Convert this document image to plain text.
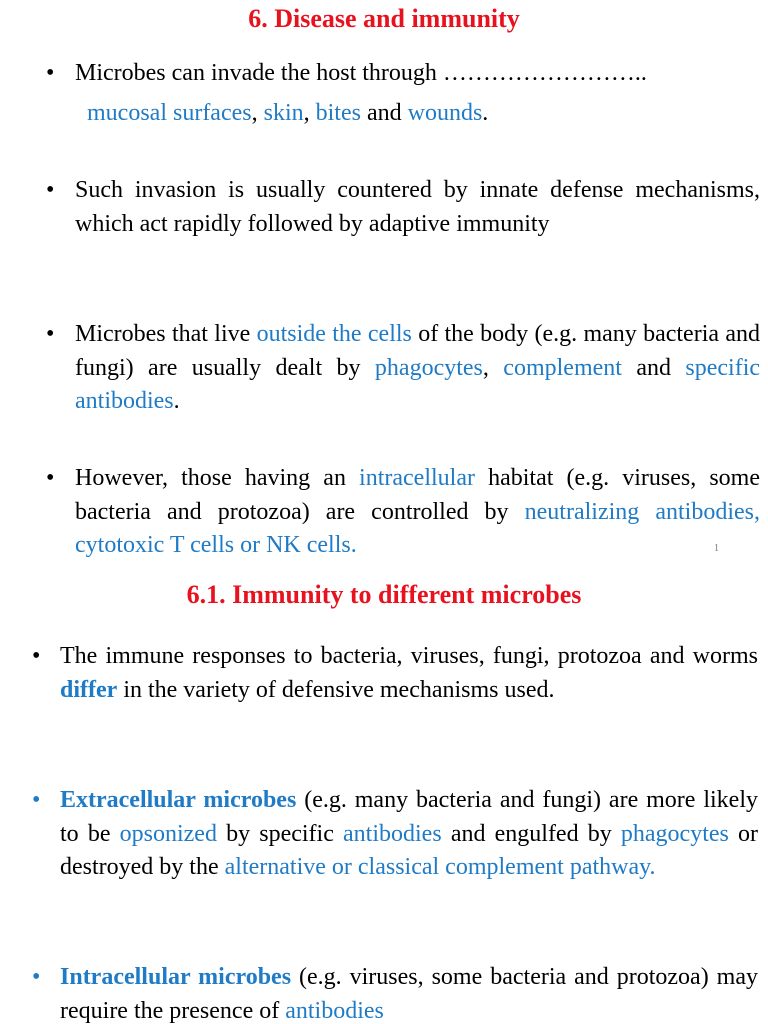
6. Disease and immunity
• Microbes can invade the host through ……………………..
mucosal surfaces, skin, bites and wounds.
• Such invasion is usually countered by innate defense mechanisms, which act rapidly followed by adaptive immunity
• Microbes that live outside the cells of the body (e.g. many bacteria and fungi) are usually dealt by phagocytes, complement and specific antibodies.
• However, those having an intracellular habitat (e.g. viruses, some bacteria and protozoa) are controlled by neutralizing antibodies, cytotoxic T cells or NK cells.	1
6.1. Immunity to different microbes
• The immune responses to bacteria, viruses, fungi, protozoa and worms differ in the variety of defensive mechanisms used.
• Extracellular microbes (e.g. many bacteria and fungi) are more likely to be opsonized by specific antibodies and engulfed by phagocytes or destroyed by the alternative or classical complement pathway.
• Intracellular microbes (e.g. viruses, some bacteria and protozoa) may require the presence of antibodies
